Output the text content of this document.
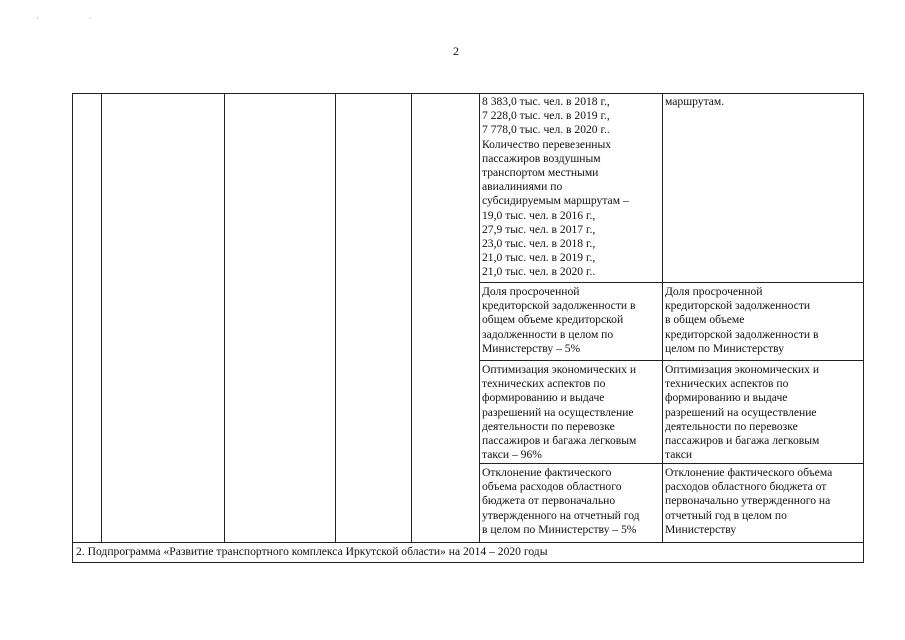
· ·
2
8 383,0 тыс. чел. в 2018 г.,
7 228,0 тыс. чел. в 2019 г.,
7 778,0 тыс. чел. в 2020 г..
Количество перевезенных
пассажиров воздушным
транспортом местными
авиалиниями по
субсидируемым маршрутам –
19,0 тыс. чел. в 2016 г.,
27,9 тыс. чел. в 2017 г.,
23,0 тыс. чел. в 2018 г.,
21,0 тыс. чел. в 2019 г.,
21,0 тыс. чел. в 2020 г..
маршрутам.
Доля просроченной
кредиторской задолженности в
общем объеме кредиторской
задолженности в целом по
Министерству – 5%
Доля просроченной
кредиторской задолженности
в общем объеме
кредиторской задолженности в
целом по Министерству
Оптимизация экономических и
технических аспектов по
формированию и выдаче
разрешений на осуществление
деятельности по перевозке
пассажиров и багажа легковым
такси – 96%
Оптимизация экономических и
технических аспектов по
формированию и выдаче
разрешений на осуществление
деятельности по перевозке
пассажиров и багажа легковым
такси
Отклонение фактического
объема расходов областного
бюджета от первоначально
утвержденного на отчетный год
в целом по Министерству – 5%
Отклонение фактического объема
расходов областного бюджета от
первоначально утвержденного на
отчетный год в целом по
Министерству
2. Подпрограмма «Развитие транспортного комплекса Иркутской области» на 2014 – 2020 годы
